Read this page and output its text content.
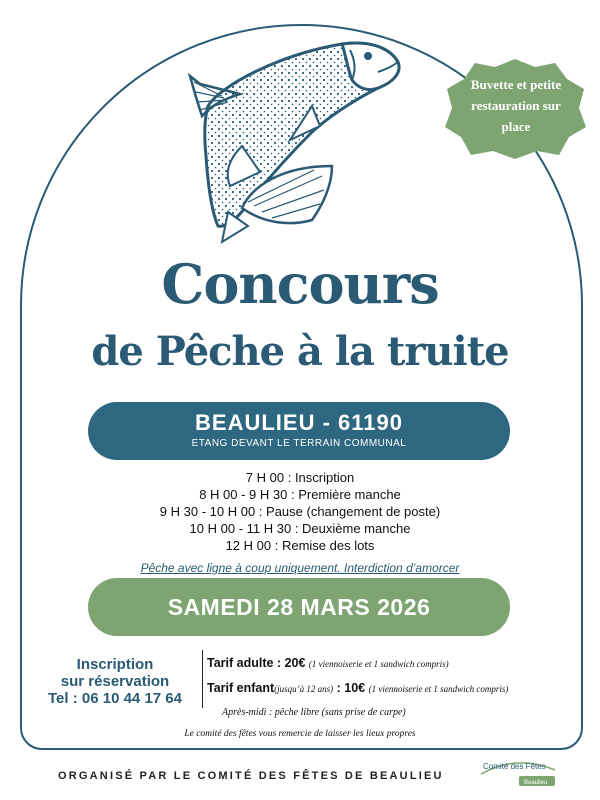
Buvette et petite
restauration sur
place
Concours
de Pêche à la truite
BEAULIEU - 61190
ETANG DEVANT LE TERRAIN COMMUNAL
7 H 00 : Inscription
8 H 00 - 9 H 30 : Première manche
9 H 30 - 10 H 00 : Pause (changement de poste)
10 H 00 - 11 H 30 : Deuxième manche
12 H 00 : Remise des lots
Pêche avec ligne à coup uniquement. Interdiction d’amorcer
SAMEDI 28 MARS 2026
Inscription
sur réservation
Tel : 06 10 44 17 64
Tarif adulte : 20€ (1 viennoiserie et 1 sandwich compris)
Tarif enfant(jusqu’à 12 ans) : 10€ (1 viennoiserie et 1 sandwich compris)
Après-midi : pêche libre (sans prise de carpe)
Le comité des fêtes vous remercie de laisser les lieux propres
ORGANISÉ PAR LE COMITÉ DES FÊTES DE BEAULIEU
Comité des Fêtes
Beaulieu
